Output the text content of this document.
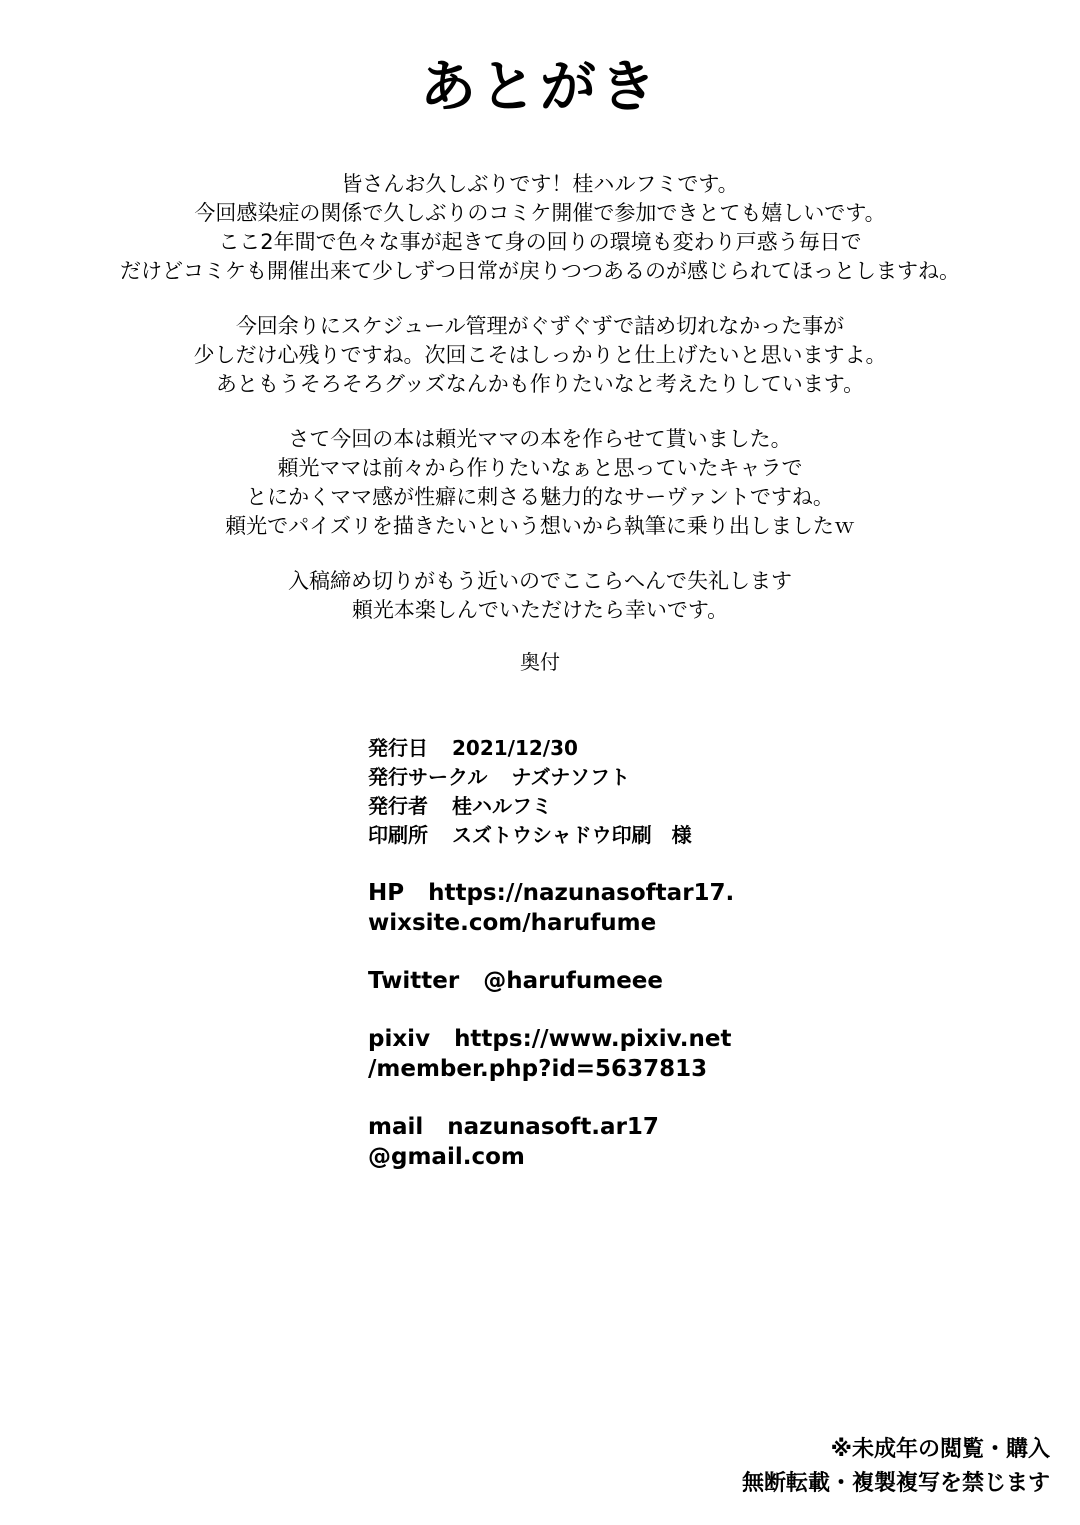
あとがき
皆さんお久しぶりです！桂ハルフミです。
今回感染症の関係で久しぶりのコミケ開催で参加できとても嬉しいです。
ここ2年間で色々な事が起きて身の回りの環境も変わり戸惑う毎日で
だけどコミケも開催出来て少しずつ日常が戻りつつあるのが感じられてほっとしますね。
今回余りにスケジュール管理がぐずぐずで詰め切れなかった事が
少しだけ心残りですね。次回こそはしっかりと仕上げたいと思いますよ。
あともうそろそろグッズなんかも作りたいなと考えたりしています。
さて今回の本は頼光ママの本を作らせて貰いました。
頼光ママは前々から作りたいなぁと思っていたキャラで
とにかくママ感が性癖に刺さる魅力的なサーヴァントですね。
頼光でパイズリを描きたいという想いから執筆に乗り出しましたｗ
入稿締め切りがもう近いのでここらへんで失礼します
頼光本楽しんでいただけたら幸いです。
奥付
発行日 2021/12/30
発行サークル ナズナソフト
発行者 桂ハルフミ
印刷所 スズトウシャドウ印刷　様
HP https://nazunasoftar17.
wixsite.com/harufume
Twitter @harufumeee
pixiv https://www.pixiv.net
/member.php?id=5637813
mail nazunasoft.ar17
@gmail.com
※未成年の閲覧・購入
無断転載・複製複写を禁じます
